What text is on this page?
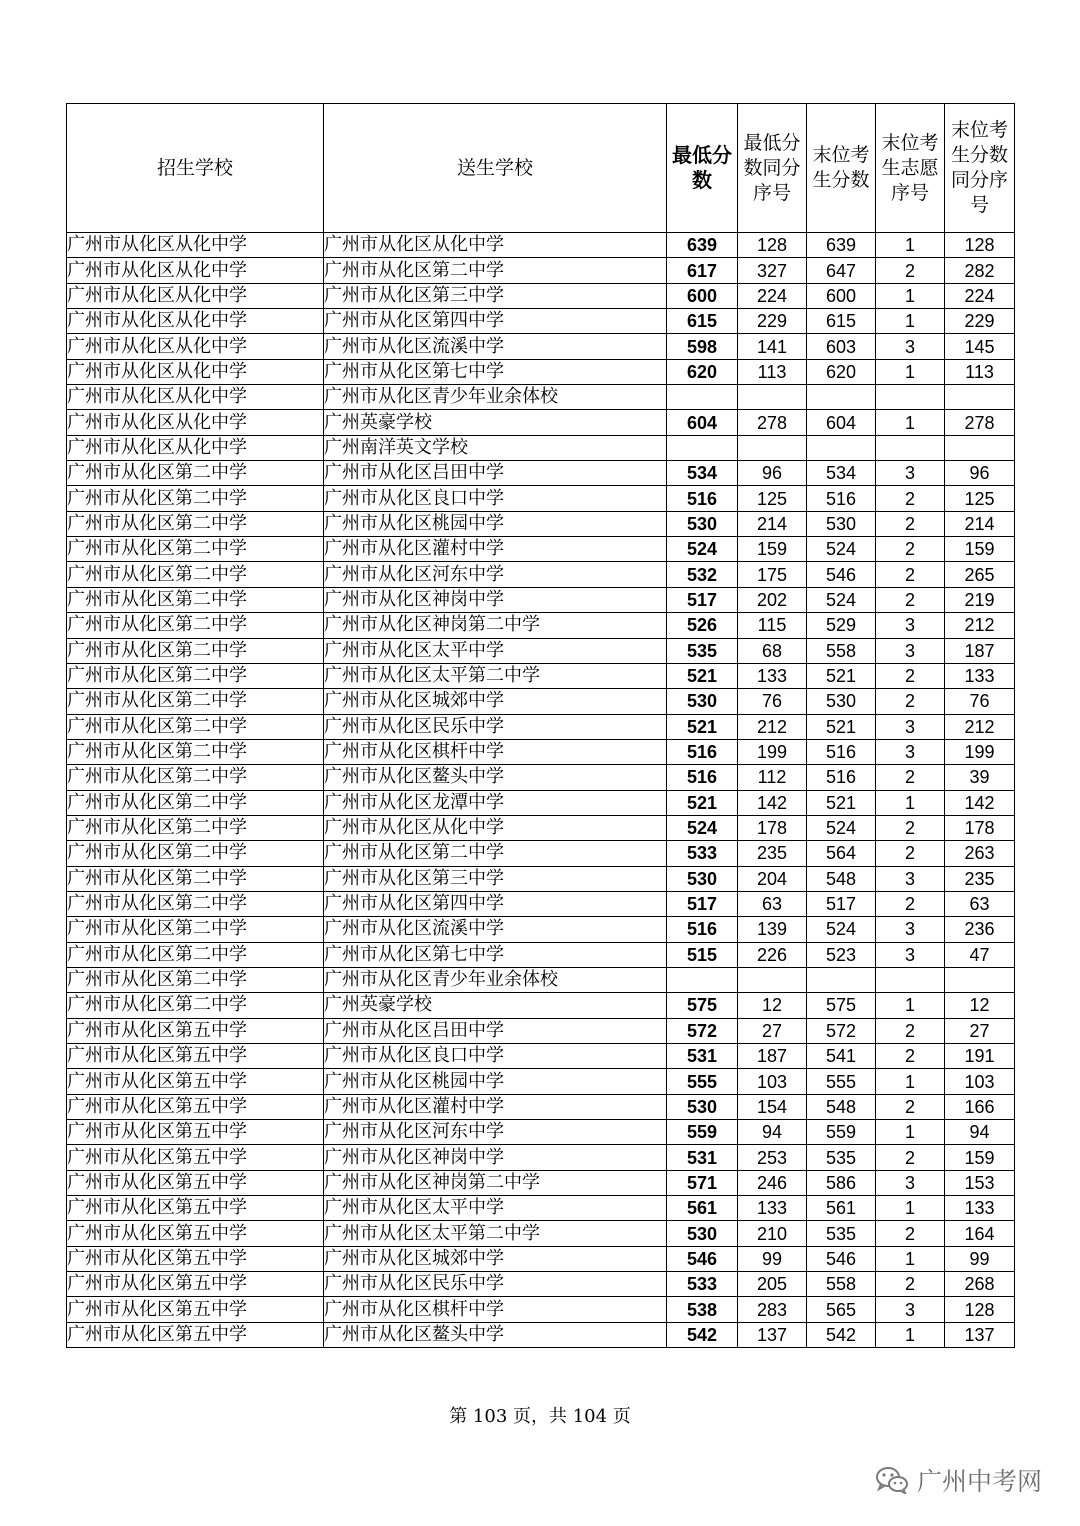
招生学校	送生学校	最低分数	最低分数同分序号	末位考生分数	末位考生志愿序号	末位考生分数同分序号
广州市从化区从化中学	广州市从化区从化中学	639	128	639	1	128
广州市从化区从化中学	广州市从化区第二中学	617	327	647	2	282
广州市从化区从化中学	广州市从化区第三中学	600	224	600	1	224
广州市从化区从化中学	广州市从化区第四中学	615	229	615	1	229
广州市从化区从化中学	广州市从化区流溪中学	598	141	603	3	145
广州市从化区从化中学	广州市从化区第七中学	620	113	620	1	113
广州市从化区从化中学	广州市从化区青少年业余体校					
广州市从化区从化中学	广州英豪学校	604	278	604	1	278
广州市从化区从化中学	广州南洋英文学校					
广州市从化区第二中学	广州市从化区吕田中学	534	96	534	3	96
广州市从化区第二中学	广州市从化区良口中学	516	125	516	2	125
广州市从化区第二中学	广州市从化区桃园中学	530	214	530	2	214
广州市从化区第二中学	广州市从化区灌村中学	524	159	524	2	159
广州市从化区第二中学	广州市从化区河东中学	532	175	546	2	265
广州市从化区第二中学	广州市从化区神岗中学	517	202	524	2	219
广州市从化区第二中学	广州市从化区神岗第二中学	526	115	529	3	212
广州市从化区第二中学	广州市从化区太平中学	535	68	558	3	187
广州市从化区第二中学	广州市从化区太平第二中学	521	133	521	2	133
广州市从化区第二中学	广州市从化区城郊中学	530	76	530	2	76
广州市从化区第二中学	广州市从化区民乐中学	521	212	521	3	212
广州市从化区第二中学	广州市从化区棋杆中学	516	199	516	3	199
广州市从化区第二中学	广州市从化区鳌头中学	516	112	516	2	39
广州市从化区第二中学	广州市从化区龙潭中学	521	142	521	1	142
广州市从化区第二中学	广州市从化区从化中学	524	178	524	2	178
广州市从化区第二中学	广州市从化区第二中学	533	235	564	2	263
广州市从化区第二中学	广州市从化区第三中学	530	204	548	3	235
广州市从化区第二中学	广州市从化区第四中学	517	63	517	2	63
广州市从化区第二中学	广州市从化区流溪中学	516	139	524	3	236
广州市从化区第二中学	广州市从化区第七中学	515	226	523	3	47
广州市从化区第二中学	广州市从化区青少年业余体校					
广州市从化区第二中学	广州英豪学校	575	12	575	1	12
广州市从化区第五中学	广州市从化区吕田中学	572	27	572	2	27
广州市从化区第五中学	广州市从化区良口中学	531	187	541	2	191
广州市从化区第五中学	广州市从化区桃园中学	555	103	555	1	103
广州市从化区第五中学	广州市从化区灌村中学	530	154	548	2	166
广州市从化区第五中学	广州市从化区河东中学	559	94	559	1	94
广州市从化区第五中学	广州市从化区神岗中学	531	253	535	2	159
广州市从化区第五中学	广州市从化区神岗第二中学	571	246	586	3	153
广州市从化区第五中学	广州市从化区太平中学	561	133	561	1	133
广州市从化区第五中学	广州市从化区太平第二中学	530	210	535	2	164
广州市从化区第五中学	广州市从化区城郊中学	546	99	546	1	99
广州市从化区第五中学	广州市从化区民乐中学	533	205	558	2	268
广州市从化区第五中学	广州市从化区棋杆中学	538	283	565	3	128
广州市从化区第五中学	广州市从化区鳌头中学	542	137	542	1	137
第 103 页，共 104 页
广州中考网
